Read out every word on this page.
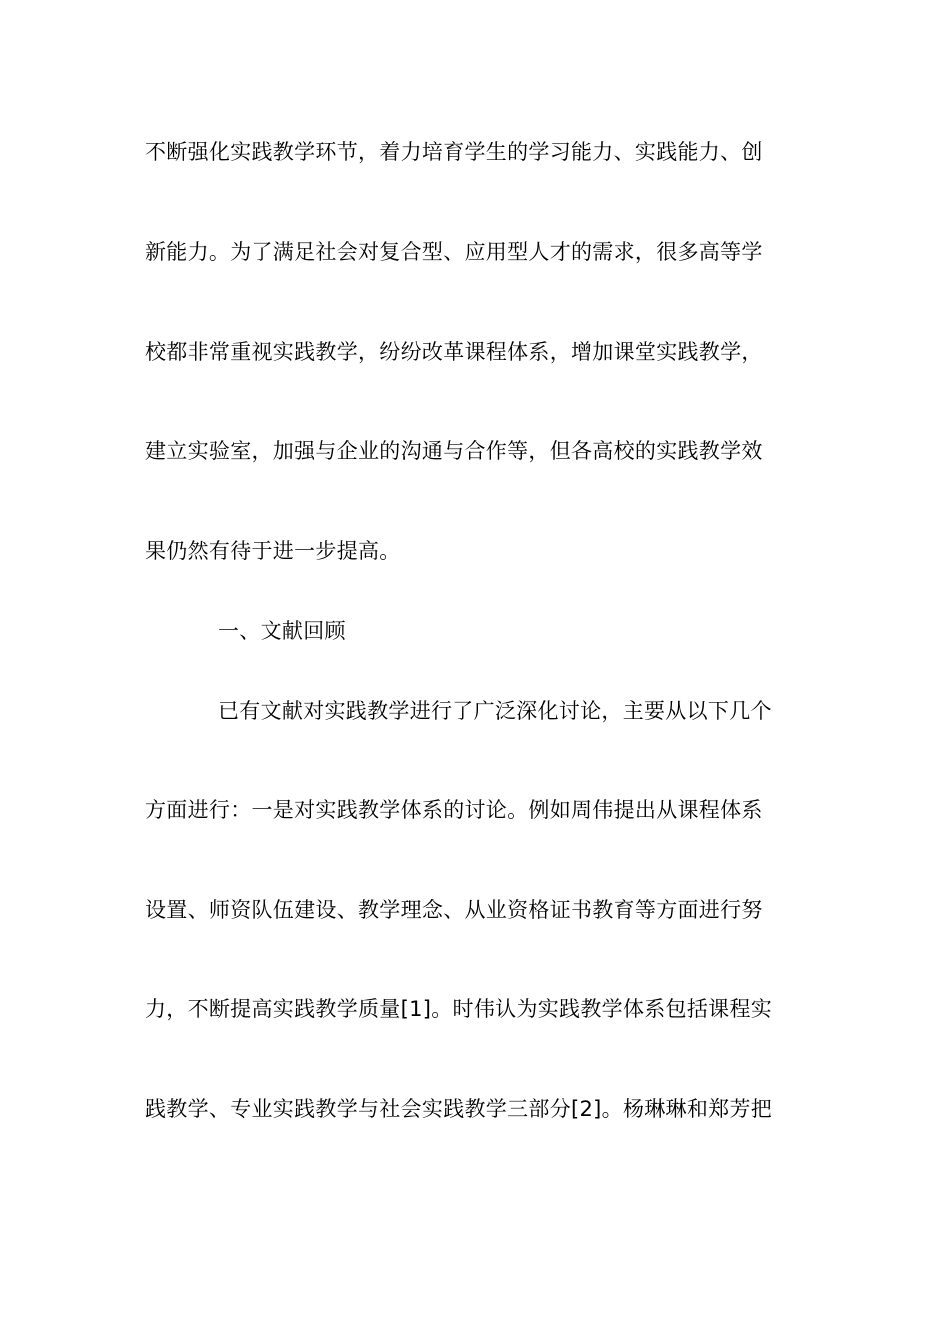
不断强化实践教学环节，着力培育学生的学习能力、实践能力、创
新能力。为了满足社会对复合型、应用型人才的需求，很多高等学
校都非常重视实践教学，纷纷改革课程体系，增加课堂实践教学，
建立实验室，加强与企业的沟通与合作等，但各高校的实践教学效
果仍然有待于进一步提高。
一、文献回顾
已有文献对实践教学进行了广泛深化讨论，主要从以下几个
方面进行：一是对实践教学体系的讨论。例如周伟提出从课程体系
设置、师资队伍建设、教学理念、从业资格证书教育等方面进行努
力，不断提高实践教学质量[1]。时伟认为实践教学体系包括课程实
践教学、专业实践教学与社会实践教学三部分[2]。杨琳琳和郑芳把
